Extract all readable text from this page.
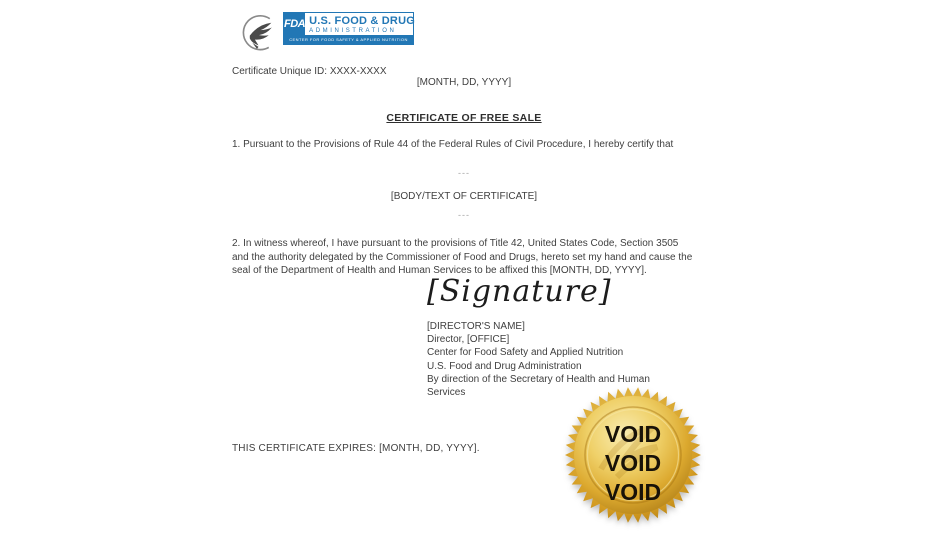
FDA U.S. FOOD & DRUG
ADMINISTRATION
CENTER FOR FOOD SAFETY & APPLIED NUTRITION
Certificate Unique ID: XXXX-XXXX
[MONTH, DD, YYYY]
CERTIFICATE OF FREE SALE
1. Pursuant to the Provisions of Rule 44 of the Federal Rules of Civil Procedure, I hereby certify that
---
[BODY/TEXT OF CERTIFICATE]
---
2. In witness whereof, I have pursuant to the provisions of Title 42, United States Code, Section 3505
and the authority delegated by the Commissioner of Food and Drugs, hereto set my hand and cause the
seal of the Department of Health and Human Services to be affixed this [MONTH, DD, YYYY].
[Signature]
[DIRECTOR'S NAME]
Director, [OFFICE]
Center for Food Safety and Applied Nutrition
U.S. Food and Drug Administration
By direction of the Secretary of Health and Human
Services
THIS CERTIFICATE EXPIRES: [MONTH, DD, YYYY].
VOID
VOID
VOID
